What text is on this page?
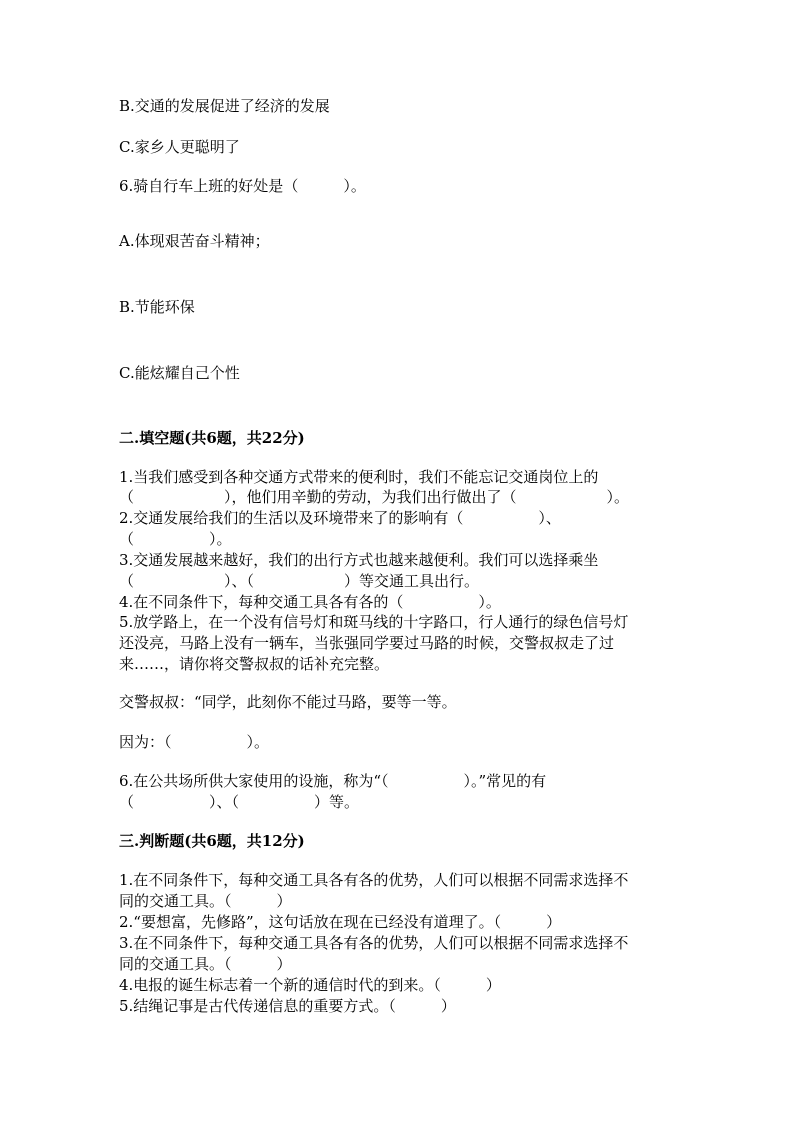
B.交通的发展促进了经济的发展
C.家乡人更聪明了
6.骑自行车上班的好处是（　　　）。
A.体现艰苦奋斗精神；
B.节能环保
C.能炫耀自己个性
二.填空题(共6题，共22分)
1.当我们感受到各种交通方式带来的便利时，我们不能忘记交通岗位上的
（　　　　　　），他们用辛勤的劳动，为我们出行做出了（　　　　　　）。
2.交通发展给我们的生活以及环境带来了的影响有（　　　　　）、
（　　　　　）。
3.交通发展越来越好，我们的出行方式也越来越便利。我们可以选择乘坐
（　　　　　　）、（　　　　　　）等交通工具出行。
4.在不同条件下，每种交通工具各有各的（　　　　　）。
5.放学路上，在一个没有信号灯和斑马线的十字路口，行人通行的绿色信号灯
还没亮，马路上没有一辆车，当张强同学要过马路的时候，交警叔叔走了过
来……，请你将交警叔叔的话补充完整。
交警叔叔：“同学，此刻你不能过马路，要等一等。
因为：（　　　　　）。
6.在公共场所供大家使用的设施，称为“（　　　　　）。”常见的有
（　　　　　）、（　　　　　）等。
三.判断题(共6题，共12分)
1.在不同条件下，每种交通工具各有各的优势，人们可以根据不同需求选择不
同的交通工具。（　　　）
2.“要想富，先修路”，这句话放在现在已经没有道理了。（　　　）
3.在不同条件下，每种交通工具各有各的优势，人们可以根据不同需求选择不
同的交通工具。（　　　）
4.电报的诞生标志着一个新的通信时代的到来。（　　　）
5.结绳记事是古代传递信息的重要方式。（　　　）
